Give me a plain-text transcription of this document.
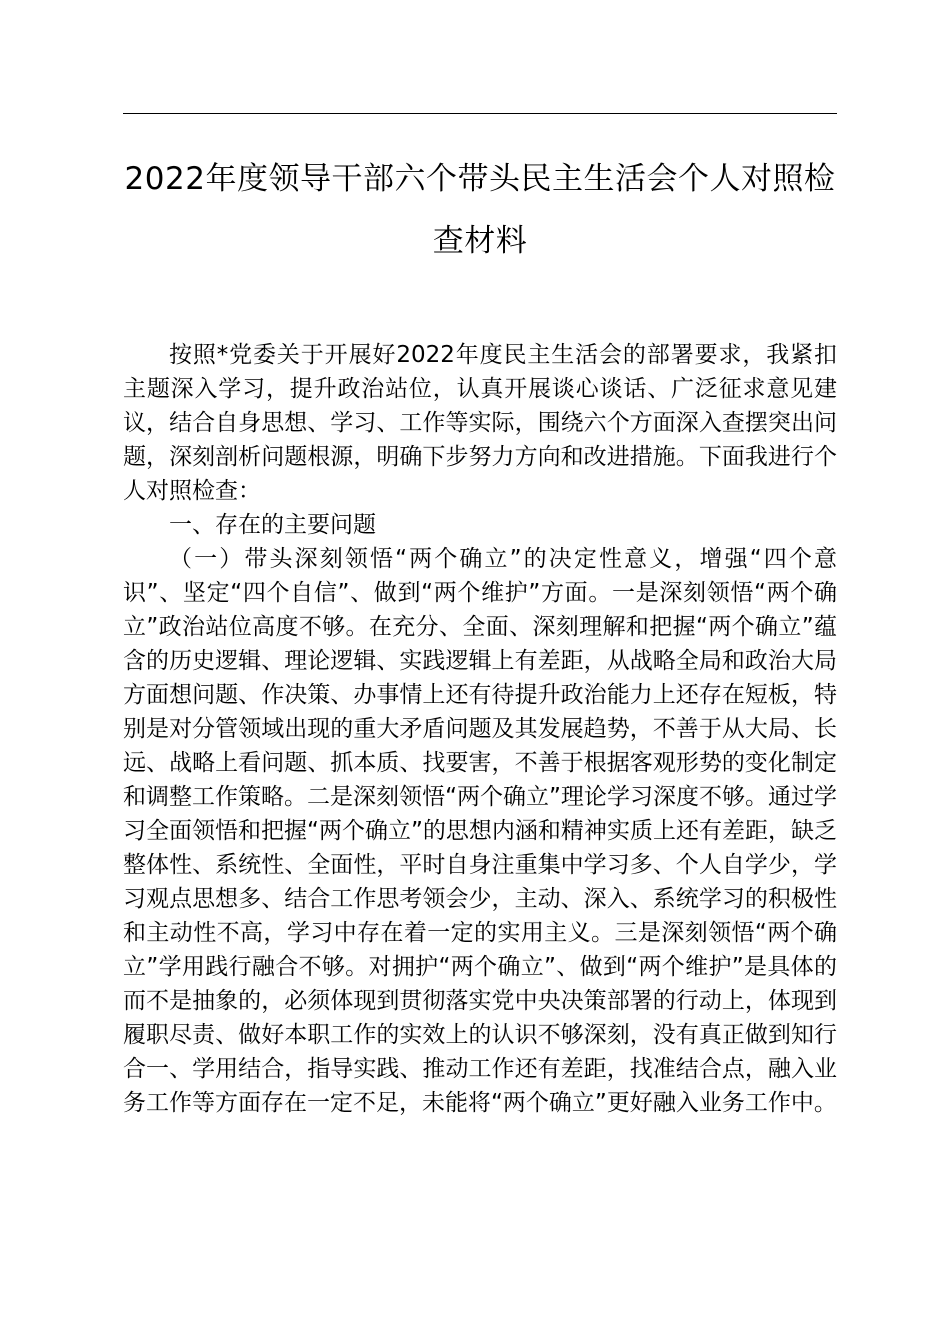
2022年度领导干部六个带头民主生活会个人对照检查材料

按照*党委关于开展好2022年度民主生活会的部署要求，我紧扣主题深入学习，提升政治站位，认真开展谈心谈话、广泛征求意见建议，结合自身思想、学习、工作等实际，围绕六个方面深入查摆突出问题，深刻剖析问题根源，明确下步努力方向和改进措施。下面我进行个人对照检查：

一、存在的主要问题

（一）带头深刻领悟“两个确立”的决定性意义，增强“四个意识”、坚定“四个自信”、做到“两个维护”方面。一是深刻领悟“两个确立”政治站位高度不够。在充分、全面、深刻理解和把握“两个确立”蕴含的历史逻辑、理论逻辑、实践逻辑上有差距，从战略全局和政治大局方面想问题、作决策、办事情上还有待提升政治能力上还存在短板，特别是对分管领域出现的重大矛盾问题及其发展趋势，不善于从大局、长远、战略上看问题、抓本质、找要害，不善于根据客观形势的变化制定和调整工作策略。二是深刻领悟“两个确立”理论学习深度不够。通过学习全面领悟和把握“两个确立”的思想内涵和精神实质上还有差距，缺乏整体性、系统性、全面性，平时自身注重集中学习多、个人自学少，学习观点思想多、结合工作思考领会少，主动、深入、系统学习的积极性和主动性不高，学习中存在着一定的实用主义。三是深刻领悟“两个确立”学用践行融合不够。对拥护“两个确立”、做到“两个维护”是具体的而不是抽象的，必须体现到贯彻落实党中央决策部署的行动上，体现到履职尽责、做好本职工作的实效上的认识不够深刻，没有真正做到知行合一、学用结合，指导实践、推动工作还有差距，找准结合点，融入业务工作等方面存在一定不足，未能将“两个确立”更好融入业务工作中。
